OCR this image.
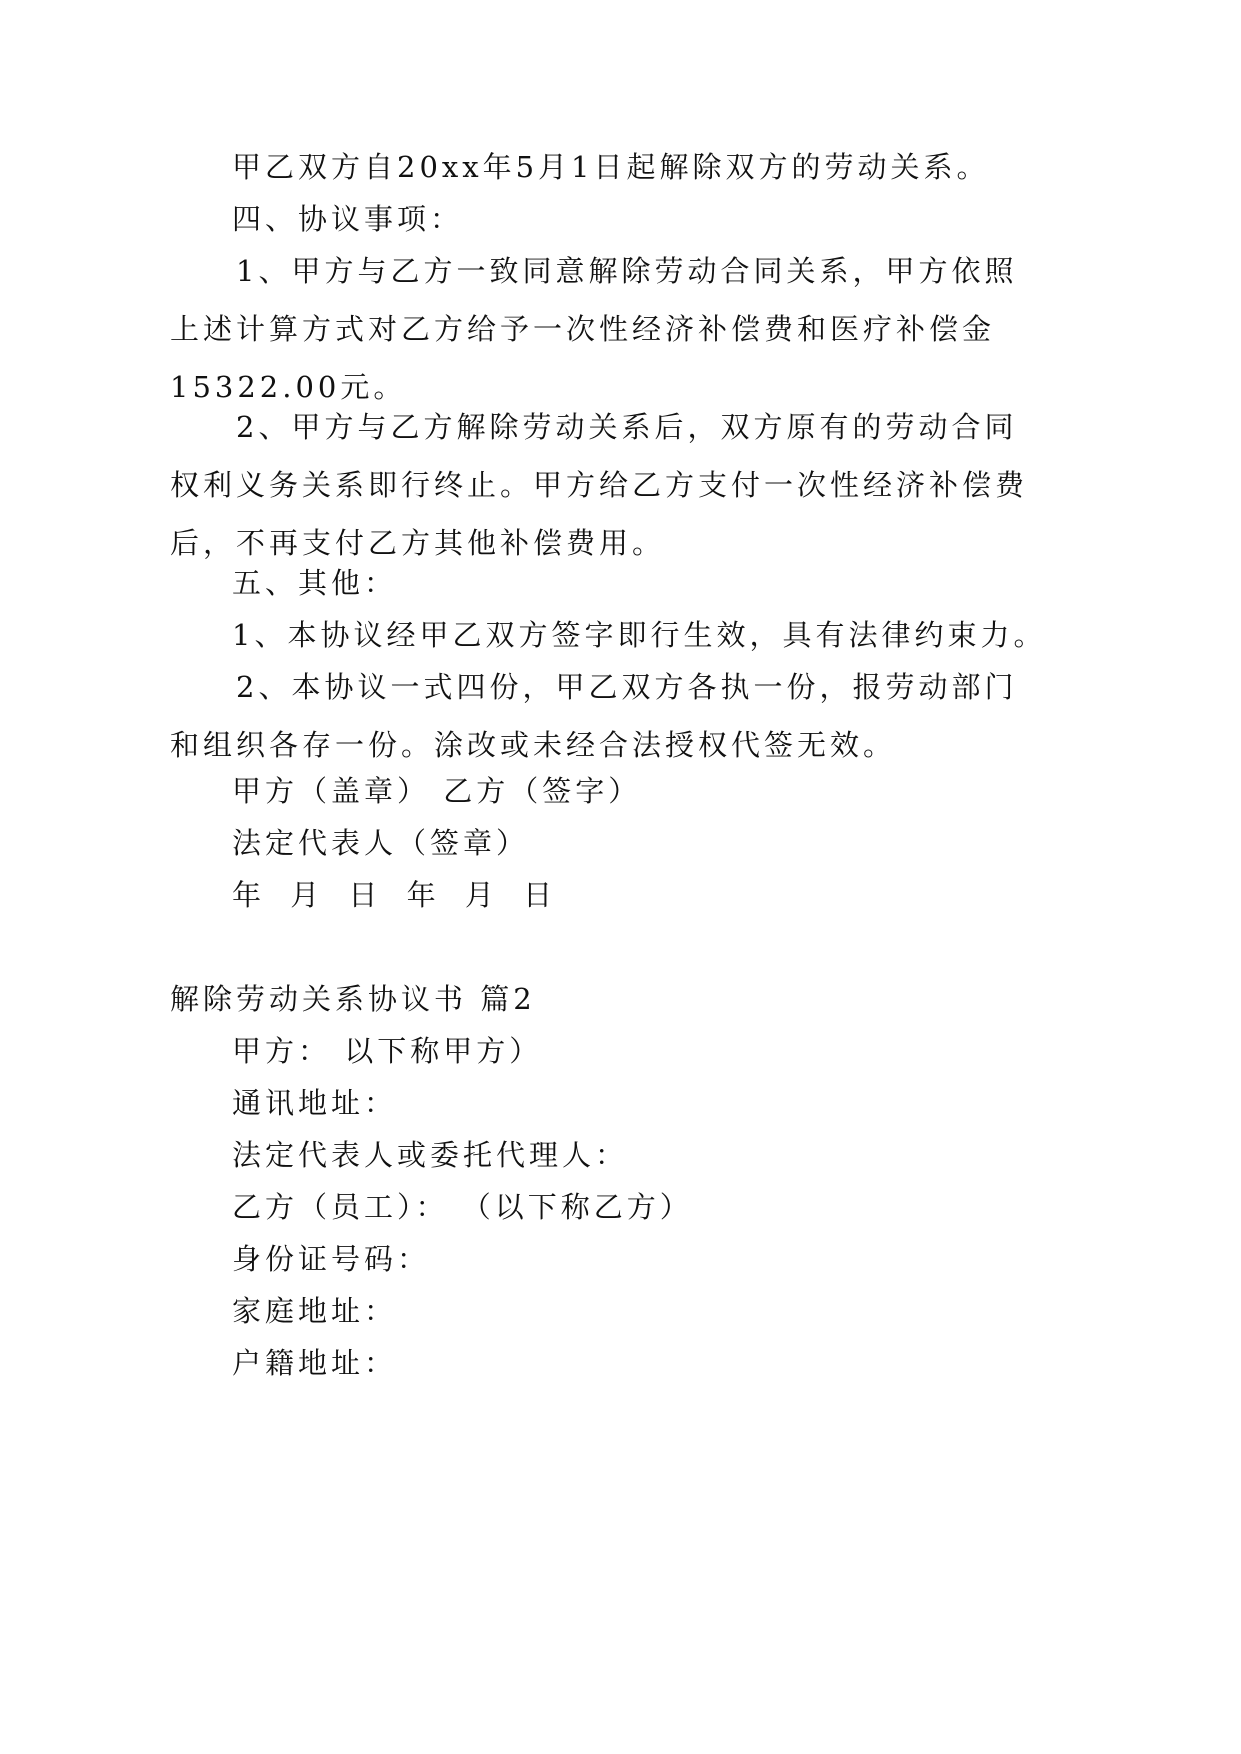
甲乙双方自20xx年5月1日起解除双方的劳动关系。

四、协议事项：

1、甲方与乙方一致同意解除劳动合同关系，甲方依照
上述计算方式对乙方给予一次性经济补偿费和医疗补偿金
15322.00元。
2、甲方与乙方解除劳动关系后，双方原有的劳动合同
权利义务关系即行终止。甲方给乙方支付一次性经济补偿费
后，不再支付乙方其他补偿费用。

五、其他：

1、本协议经甲乙双方签字即行生效，具有法律约束力。

2、本协议一式四份，甲乙双方各执一份，报劳动部门
和组织各存一份。涂改或未经合法授权代签无效。

甲方（盖章） 乙方（签字）

法定代表人（签章）

年 月 日 年 月 日

解除劳动关系协议书 篇2

甲方： 以下称甲方）

通讯地址：

法定代表人或委托代理人：

乙方（员工）： （以下称乙方）

身份证号码：

家庭地址：

户籍地址：
